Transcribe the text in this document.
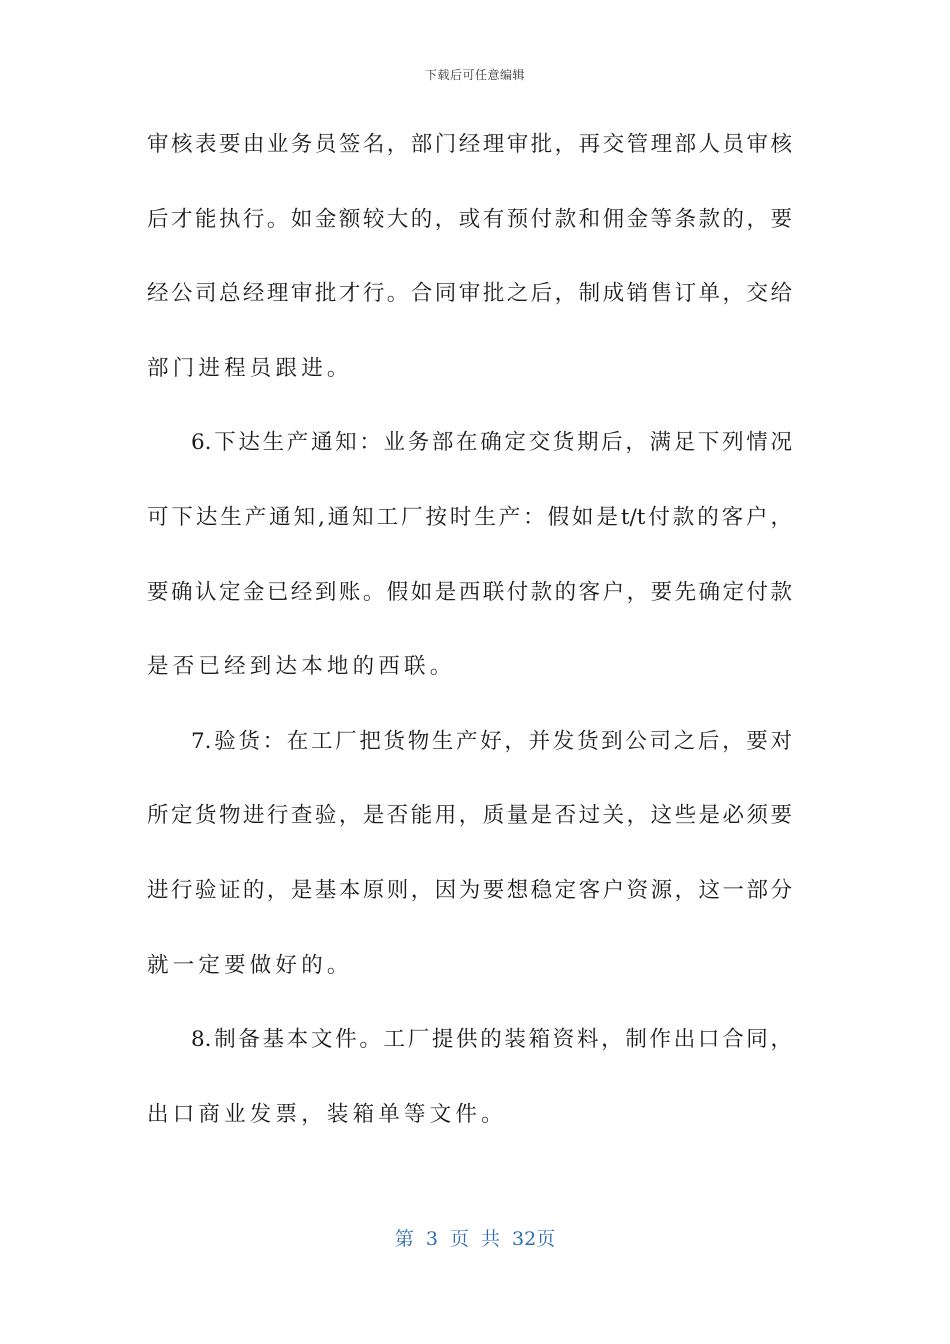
下载后可任意编辑
审核表要由业务员签名，部门经理审批，再交管理部人员审核
后才能执行。如金额较大的，或有预付款和佣金等条款的，要
经公司总经理审批才行。合同审批之后，制成销售订单，交给
部门进程员跟进。
6.下达生产通知：业务部在确定交货期后，满足下列情况
可下达生产通知,通知工厂按时生产：假如是t/t付款的客户，
要确认定金已经到账。假如是西联付款的客户，要先确定付款
是否已经到达本地的西联。
7.验货：在工厂把货物生产好，并发货到公司之后，要对
所定货物进行查验，是否能用，质量是否过关，这些是必须要
进行验证的，是基本原则，因为要想稳定客户资源，这一部分
就一定要做好的。
8.制备基本文件。工厂提供的装箱资料，制作出口合同，
出口商业发票，装箱单等文件。
第 3 页 共 32页
